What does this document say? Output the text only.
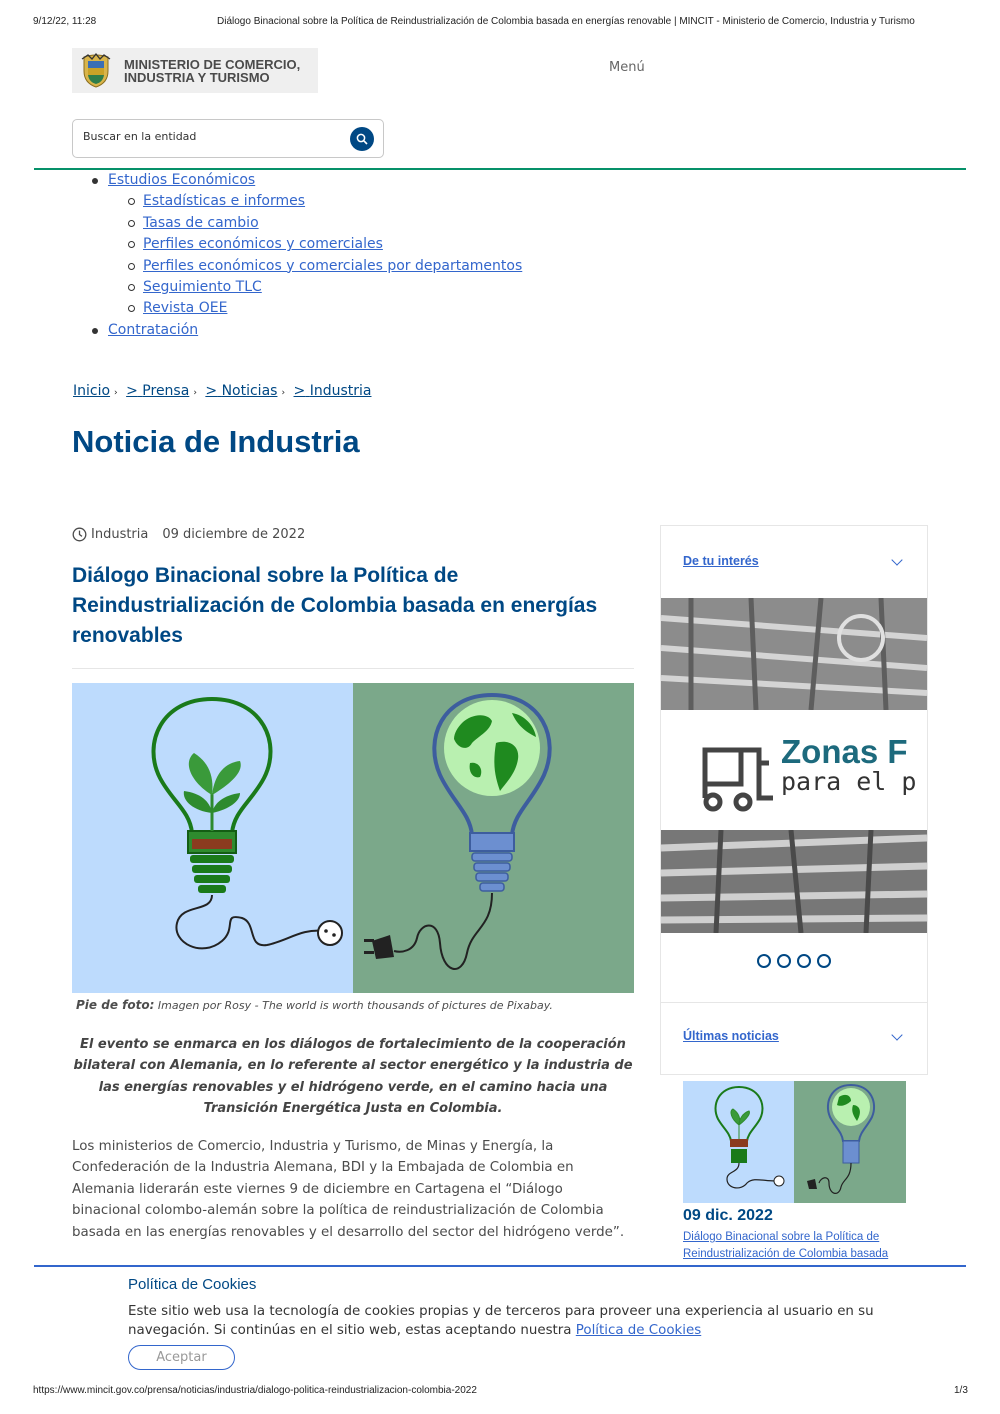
9/12/22, 11:28	Diálogo Binacional sobre la Política de Reindustrialización de Colombia basada en energías renovable | MINCIT - Ministerio de Comercio, Industria y Turismo
MINISTERIO DE COMERCIO,
INDUSTRIA Y TURISMO
Menú
Buscar en la entidad
Estudios Económicos
Estadísticas e informes
Tasas de cambio
Perfiles económicos y comerciales
Perfiles económicos y comerciales por departamentos
Seguimiento TLC
Revista OEE
Contratación
Inicio › > Prensa › > Noticias › > Industria
Noticia de Industria
Industria 09 diciembre de 2022
Diálogo Binacional sobre la Política de Reindustrialización de Colombia basada en energías renovables
Pie de foto: Imagen por Rosy - The world is worth thousands of pictures de Pixabay.

El evento se enmarca en los diálogos de fortalecimiento de la cooperación bilateral con Alemania, en lo referente al sector energético y la industria de las energías renovables y el hidrógeno verde, en el camino hacia una Transición Energética Justa en Colombia.

Los ministerios de Comercio, Industria y Turismo, de Minas y Energía, la Confederación de la Industria Alemana, BDI y la Embajada de Colombia en Alemania liderarán este viernes 9 de diciembre en Cartagena el “Diálogo binacional colombo-alemán sobre la política de reindustrialización de Colombia basada en las energías renovables y el desarrollo del sector del hidrógeno verde”.

De tu interés
Zonas F
para el p
Últimas noticias
09 dic. 2022
Diálogo Binacional sobre la Política de Reindustrialización de Colombia basada
Política de Cookies

Este sitio web usa la tecnología de cookies propias y de terceros para proveer una experiencia al usuario en su navegación. Si continúas en el sitio web, estas aceptando nuestra Política de Cookies

Aceptar
https://www.mincit.gov.co/prensa/noticias/industria/dialogo-politica-reindustrializacion-colombia-2022	1/3
